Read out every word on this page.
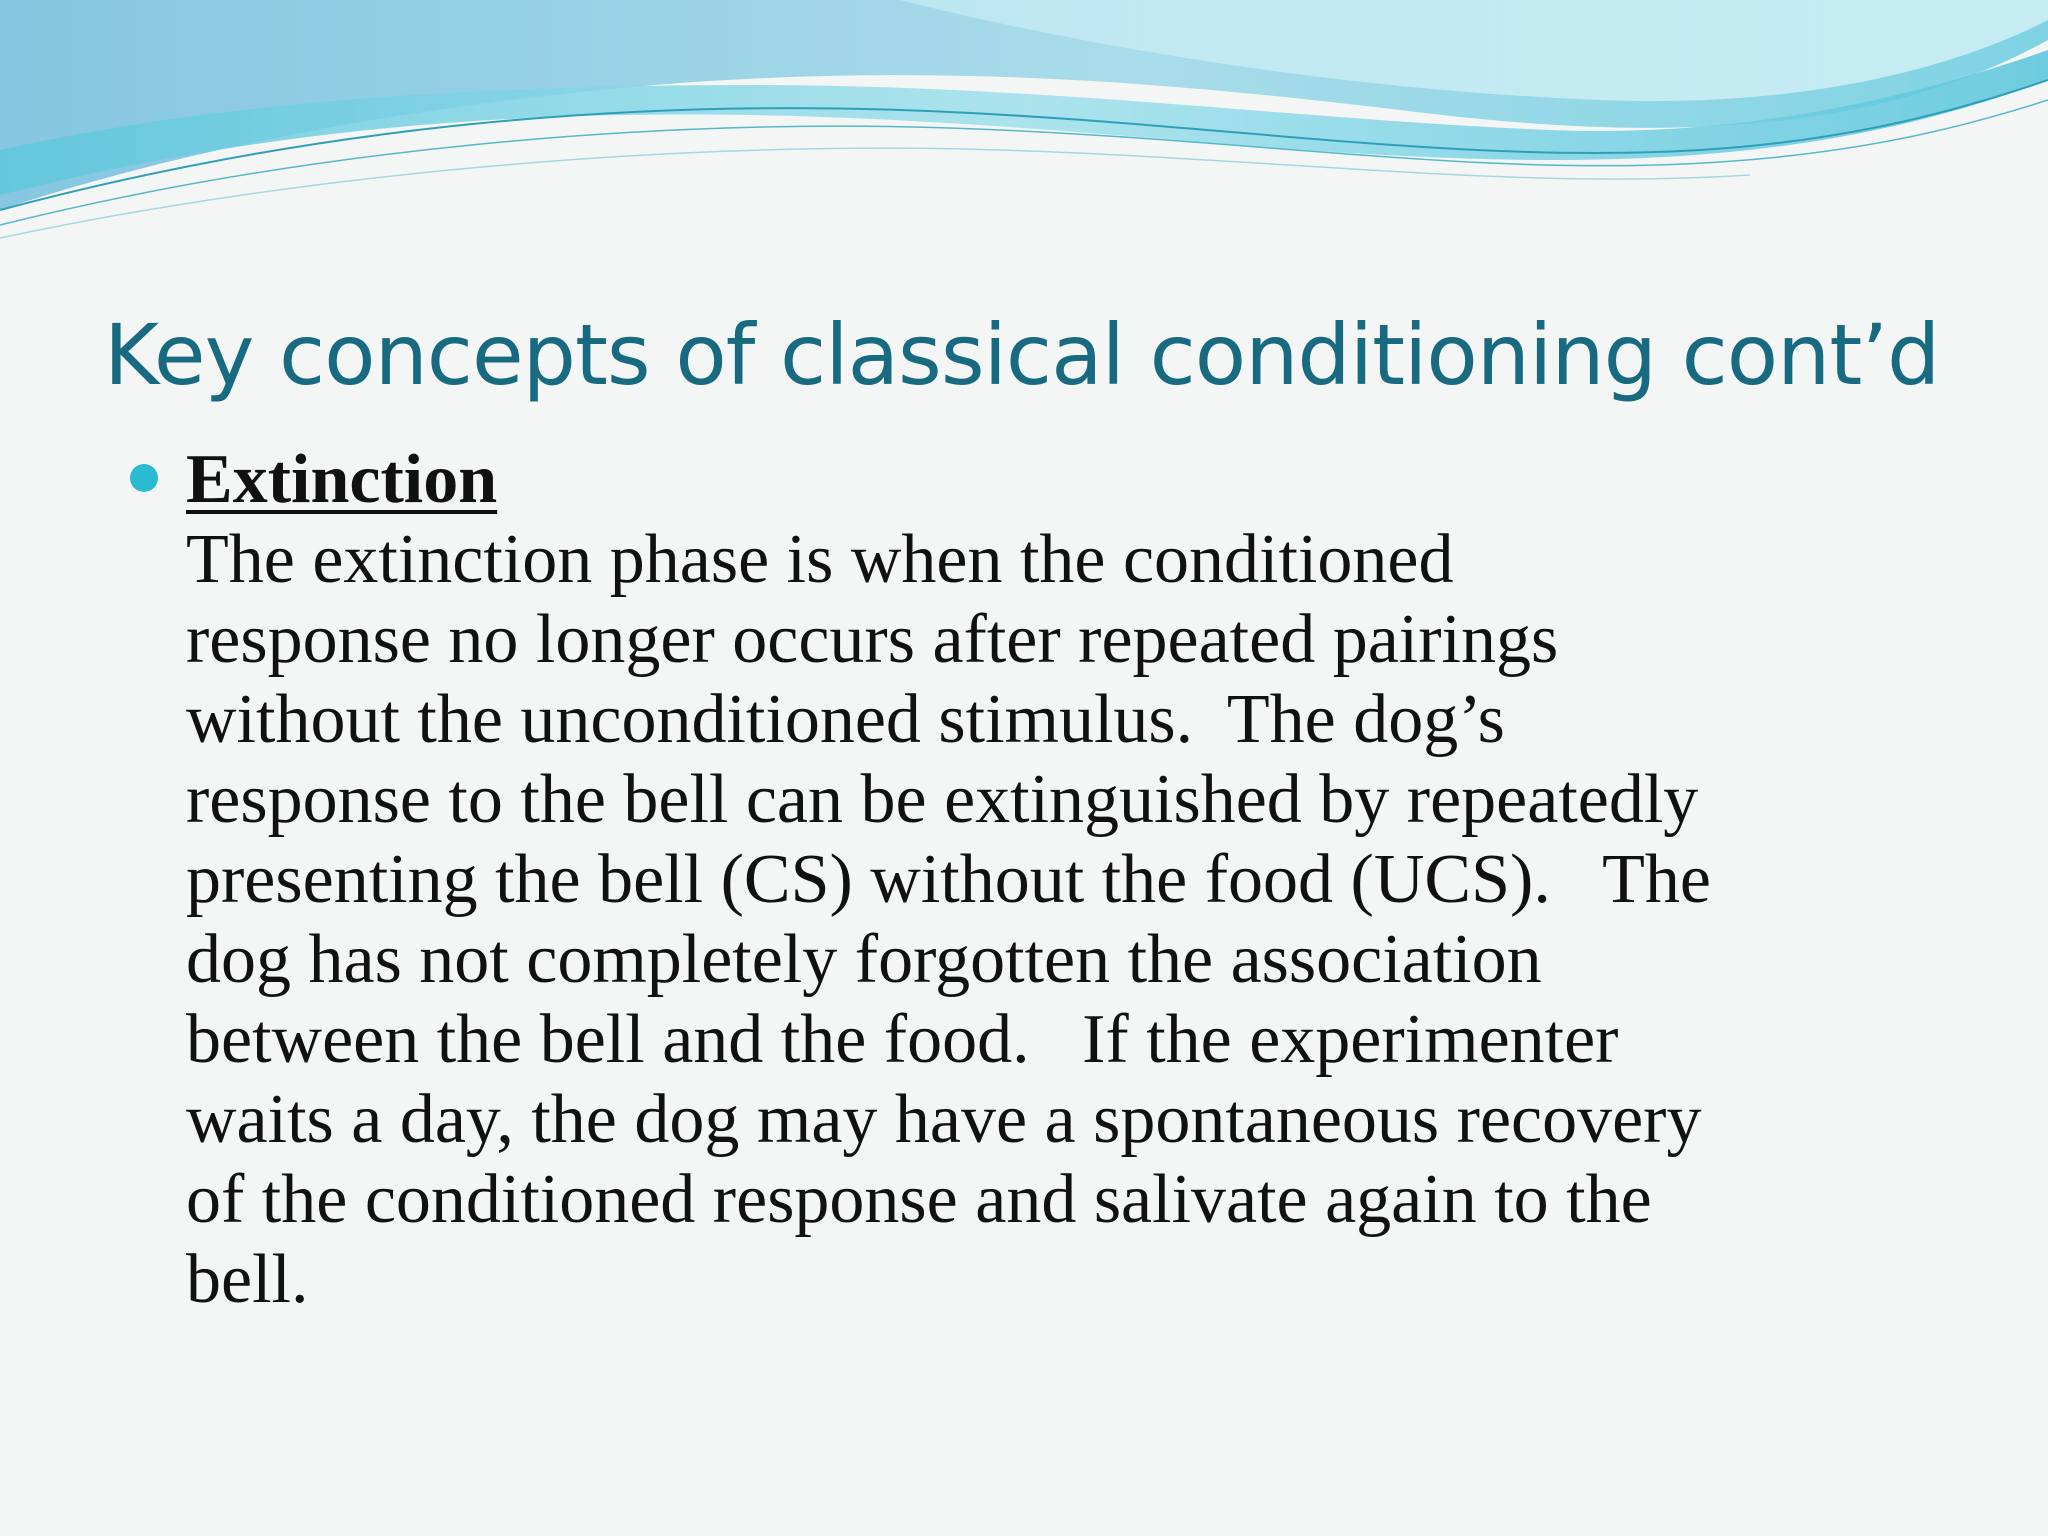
Key concepts of classical conditioning cont’d
Extinction
The extinction phase is when the conditioned
response no longer occurs after repeated pairings
without the unconditioned stimulus.  The dog’s
response to the bell can be extinguished by repeatedly
presenting the bell (CS) without the food (UCS).   The
dog has not completely forgotten the association
between the bell and the food.   If the experimenter
waits a day, the dog may have a spontaneous recovery
of the conditioned response and salivate again to the
bell.
